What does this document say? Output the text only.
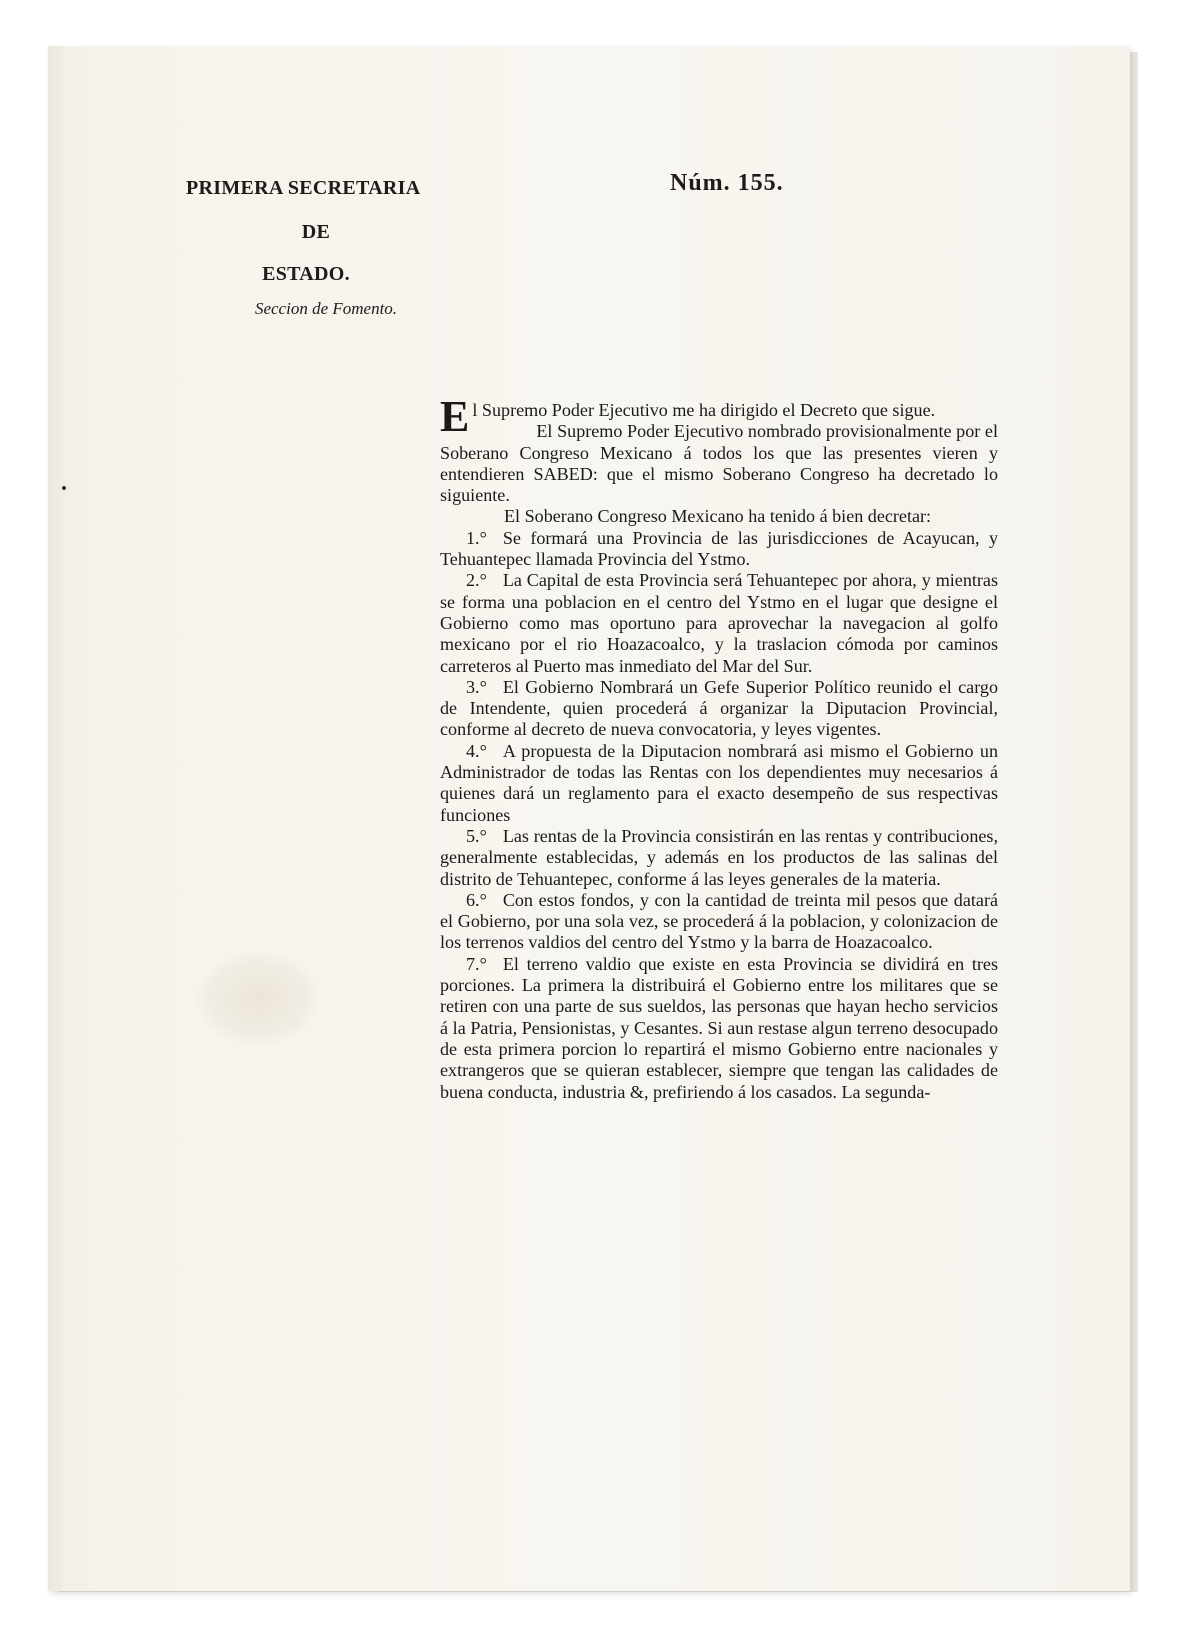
PRIMERA SECRETARIA
DE
ESTADO.
Seccion de Fomento.
Núm. 155.

El Supremo Poder Ejecutivo me ha dirigido el Decreto que sigue.

El Supremo Poder Ejecutivo nombrado provisionalmente por el Soberano Congreso Mexicano á todos los que las presentes vieren y entendieren SABED: que el mismo Soberano Congreso ha decretado lo siguiente.

El Soberano Congreso Mexicano ha tenido á bien decretar:

1.° Se formará una Provincia de las jurisdicciones de Acayucan, y Tehuantepec llamada Provincia del Ystmo.

2.° La Capital de esta Provincia será Tehuantepec por ahora, y mientras se forma una poblacion en el centro del Ystmo en el lugar que designe el Gobierno como mas oportuno para aprovechar la navegacion al golfo mexicano por el rio Hoazacoalco, y la traslacion cómoda por caminos carreteros al Puerto mas inmediato del Mar del Sur.

3.° El Gobierno Nombrará un Gefe Superior Político reunido el cargo de Intendente, quien procederá á organizar la Diputacion Provincial, conforme al decreto de nueva convocatoria, y leyes vigentes.

4.° A propuesta de la Diputacion nombrará asi mismo el Gobierno un Administrador de todas las Rentas con los dependientes muy necesarios á quienes dará un reglamento para el exacto desempeño de sus respectivas funciones

5.° Las rentas de la Provincia consistirán en las rentas y contribuciones, generalmente establecidas, y además en los productos de las salinas del distrito de Tehuantepec, conforme á las leyes generales de la materia.

6.° Con estos fondos, y con la cantidad de treinta mil pesos que datará el Gobierno, por una sola vez, se procederá á la poblacion, y colonizacion de los terrenos valdios del centro del Ystmo y la barra de Hoazacoalco.

7.° El terreno valdio que existe en esta Provincia se dividirá en tres porciones. La primera la distribuirá el Gobierno entre los militares que se retiren con una parte de sus sueldos, las personas que hayan hecho servicios á la Patria, Pensionistas, y Cesantes. Si aun restase algun terreno desocupado de esta primera porcion lo repartirá el mismo Gobierno entre nacionales y extrangeros que se quieran establecer, siempre que tengan las calidades de buena conducta, industria &, prefiriendo á los casados. La segunda-
